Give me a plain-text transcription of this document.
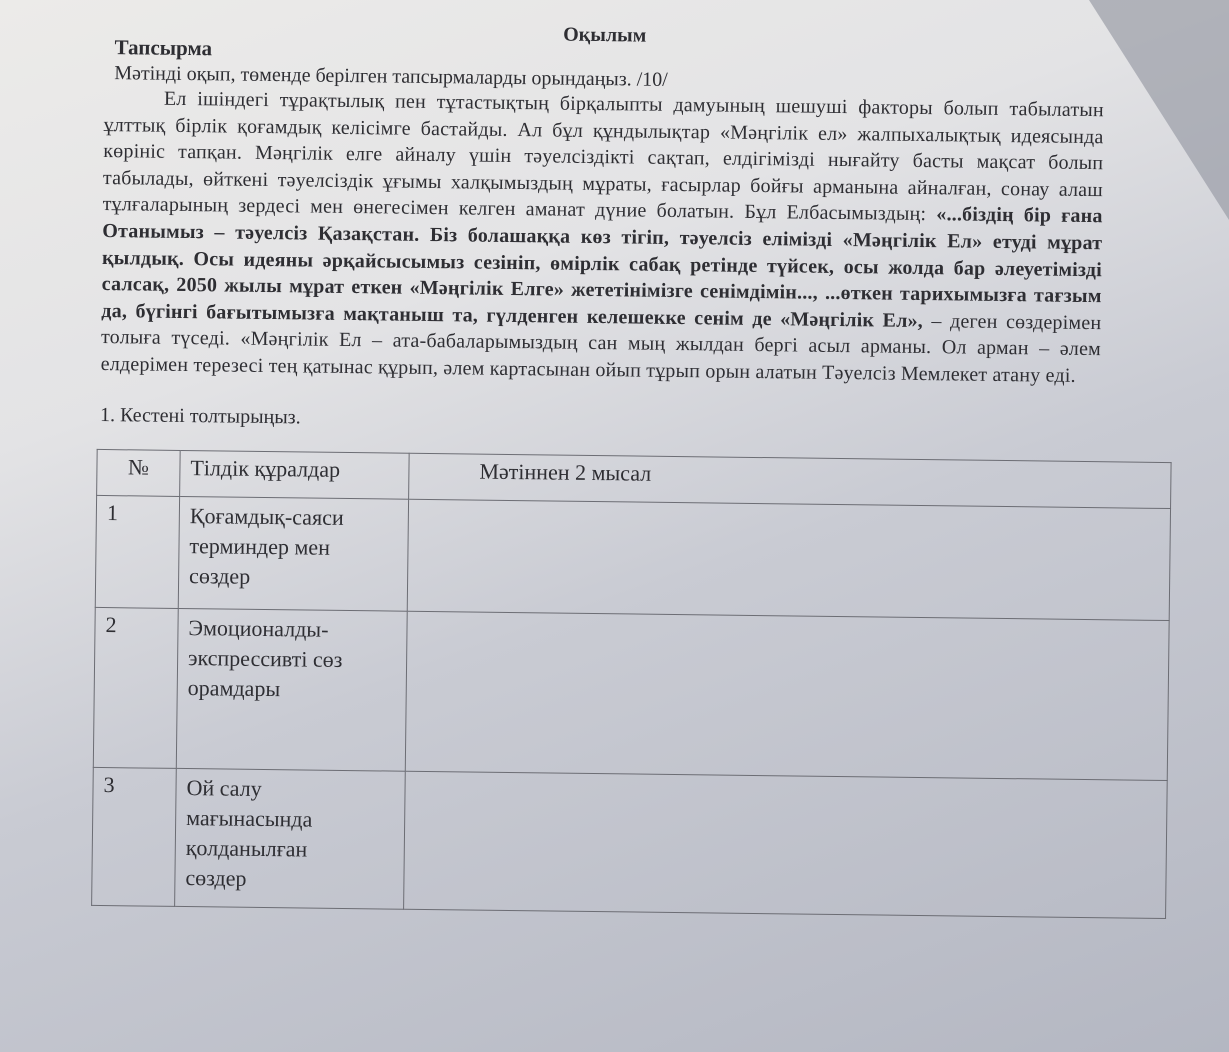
Оқылым
Тапсырма
Мәтінді оқып, төменде берілген тапсырмаларды орындаңыз. /10/

Ел ішіндегі тұрақтылық пен тұтастықтың бірқалыпты дамуының шешуші факторы болып табылатын ұлттық бірлік қоғамдық келісімге бастайды. Ал бұл құндылықтар «Мәңгілік ел» жалпыхалықтық идеясында көрініс тапқан. Мәңгілік елге айналу үшін тәуелсіздікті сақтап, елдігімізді нығайту басты мақсат болып табылады, өйткені тәуелсіздік ұғымы халқымыздың мұраты, ғасырлар бойғы арманына айналған, сонау алаш тұлғаларының зердесі мен өнегесімен келген аманат дүние болатын. Бұл Елбасымыздың: «...біздің бір ғана Отанымыз – тәуелсіз Қазақстан. Біз болашаққа көз тігіп, тәуелсіз елімізді «Мәңгілік Ел» етуді мұрат қылдық. Осы идеяны әрқайсысымыз сезініп, өмірлік сабақ ретінде түйсек, осы жолда бар әлеуетімізді салсақ, 2050 жылы мұрат еткен «Мәңгілік Елге» жететінімізге сенімдімін..., ...өткен тарихымызға тағзым да, бүгінгі бағытымызға мақтаныш та, гүлденген келешекке сенім де «Мәңгілік Ел», – деген сөздерімен толыға түседі. «Мәңгілік Ел – ата-бабаларымыздың сан мың жылдан бергі асыл арманы. Ол арман – әлем елдерімен терезесі тең қатынас құрып, әлем картасынан ойып тұрып орын алатын Тәуелсіз Мемлекет атану еді.

1. Кестені толтырыңыз.
№	Тілдік құралдар	Мәтіннен 2 мысал
1	Қоғамдық-саяси
терминдер мен
сөздер	

2	Эмоционалды-
экспрессивті сөз
орамдары	

3	Ой салу
мағынасында
қолданылған
сөздер	
